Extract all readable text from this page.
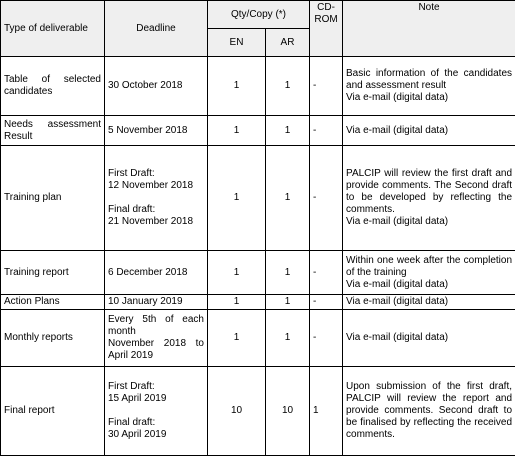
Type of deliverable	Deadline	Qty/Copy (*)		CD-ROM	Note
		EN	AR		
Table of selected candidates	30 October 2018	1	1	-	Basic information of the candidates and assessment result
Via e-mail (digital data)

Needs assessment Result	5 November 2018	1	1	-	Via e-mail (digital data)

Training plan	First Draft:
12 November 2018
Final draft:
21 November 2018	1	1	-	PALCIP will review the first draft and provide comments. The Second draft to be developed by reflecting the comments.
Via e-mail (digital data)

Training report	6 December 2018	1	1	-	Within one week after the completion of the training
Via e-mail (digital data)

Action Plans	10 January 2019	1	1	-	Via e-mail (digital data)

Monthly reports	Every 5th of each month
November 2018 to April 2019	1	1	-	Via e-mail (digital data)

Final report	First Draft:
15 April 2019
Final draft:
30 April 2019	10	10	1	Upon submission of the first draft, PALCIP will review the report and provide comments. Second draft to be finalised by reflecting the received comments.
